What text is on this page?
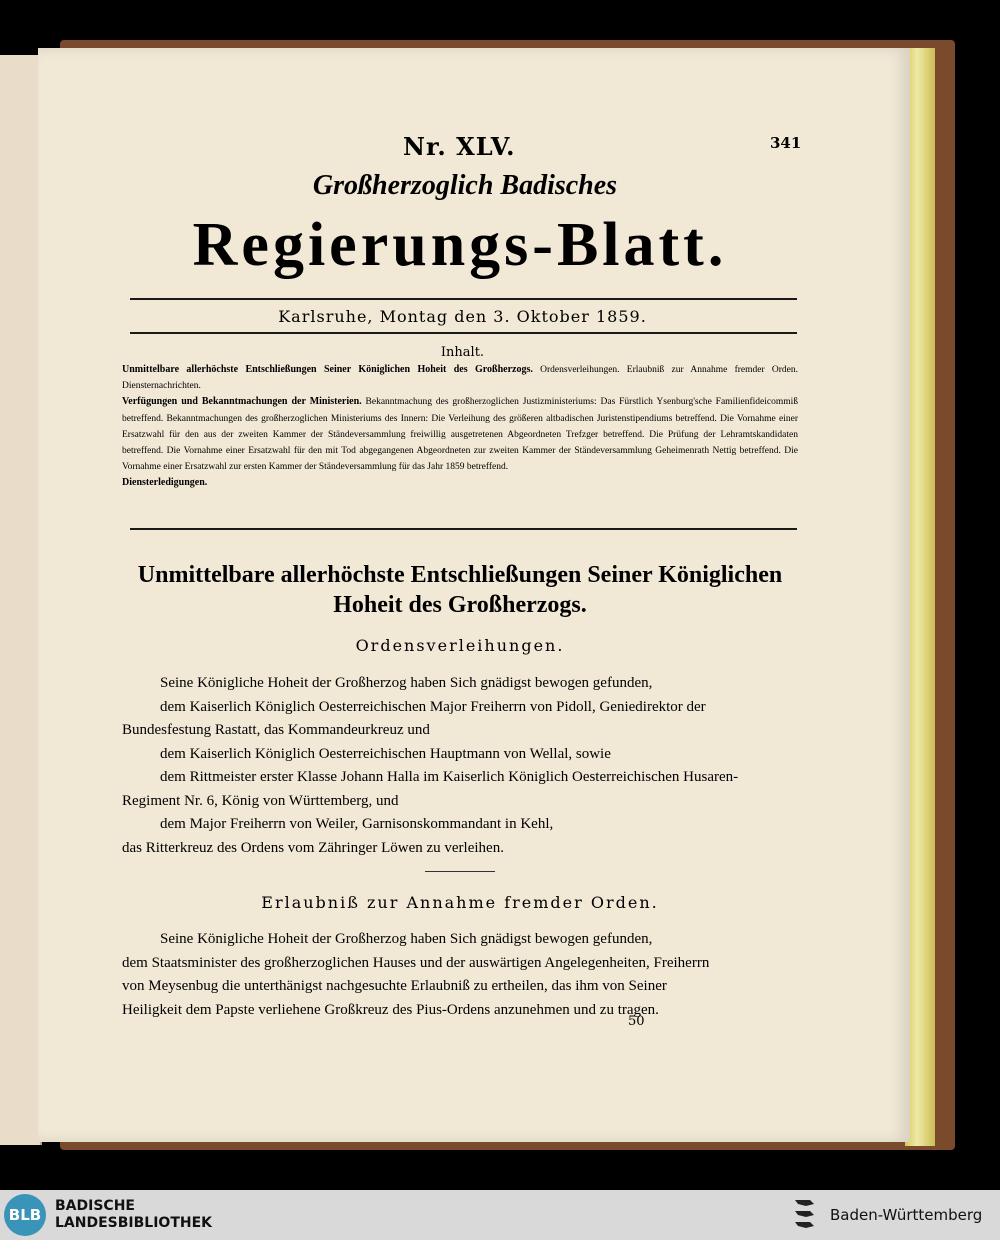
Nr. XLV.	341
Großherzoglich Badisches
Regierungs-Blatt.
Karlsruhe, Montag den 3. Oktober 1859.
Inhalt.
Unmittelbare allerhöchste Entschließungen Seiner Königlichen Hoheit des Großherzogs. Ordensverleihungen. Erlaubniß zur Annahme fremder Orden. Diensternachrichten.
Verfügungen und Bekanntmachungen der Ministerien. Bekanntmachung des großherzoglichen Justizministeriums: Das Fürstlich Ysenburg'sche Familienfideicommiß betreffend. Bekanntmachungen des großherzoglichen Ministeriums des Innern: Die Verleihung des größeren altbadischen Juristenstipendiums betreffend. Die Vornahme einer Ersatzwahl für den aus der zweiten Kammer der Ständeversammlung freiwillig ausgetretenen Abgeordneten Trefzger betreffend. Die Prüfung der Lehramtskandidaten betreffend. Die Vornahme einer Ersatzwahl für den mit Tod abgegangenen Abgeordneten zur zweiten Kammer der Ständeversammlung Geheimenrath Nettig betreffend. Die Vornahme einer Ersatzwahl zur ersten Kammer der Ständeversammlung für das Jahr 1859 betreffend.
Diensterledigungen.
Unmittelbare allerhöchste Entschließungen Seiner Königlichen Hoheit des Großherzogs.
Ordensverleihungen.
Seine Königliche Hoheit der Großherzog haben Sich gnädigst bewogen gefunden,
dem Kaiserlich Königlich Oesterreichischen Major Freiherrn von Pidoll, Geniedirektor der
Bundesfestung Rastatt, das Kommandeurkreuz und
dem Kaiserlich Königlich Oesterreichischen Hauptmann von Wellal, sowie
dem Rittmeister erster Klasse Johann Halla im Kaiserlich Königlich Oesterreichischen Husaren-
Regiment Nr. 6, König von Württemberg, und
dem Major Freiherrn von Weiler, Garnisonskommandant in Kehl,
das Ritterkreuz des Ordens vom Zähringer Löwen zu verleihen.
Erlaubniß zur Annahme fremder Orden.
Seine Königliche Hoheit der Großherzog haben Sich gnädigst bewogen gefunden,
dem Staatsminister des großherzoglichen Hauses und der auswärtigen Angelegenheiten, Freiherrn
von Meysenbug die unterthänigst nachgesuchte Erlaubniß zu ertheilen, das ihm von Seiner
Heiligkeit dem Papste verliehene Großkreuz des Pius-Ordens anzunehmen und zu tragen.
50
BLB BADISCHE
LANDESBIBLIOTHEK	Baden-Württemberg
